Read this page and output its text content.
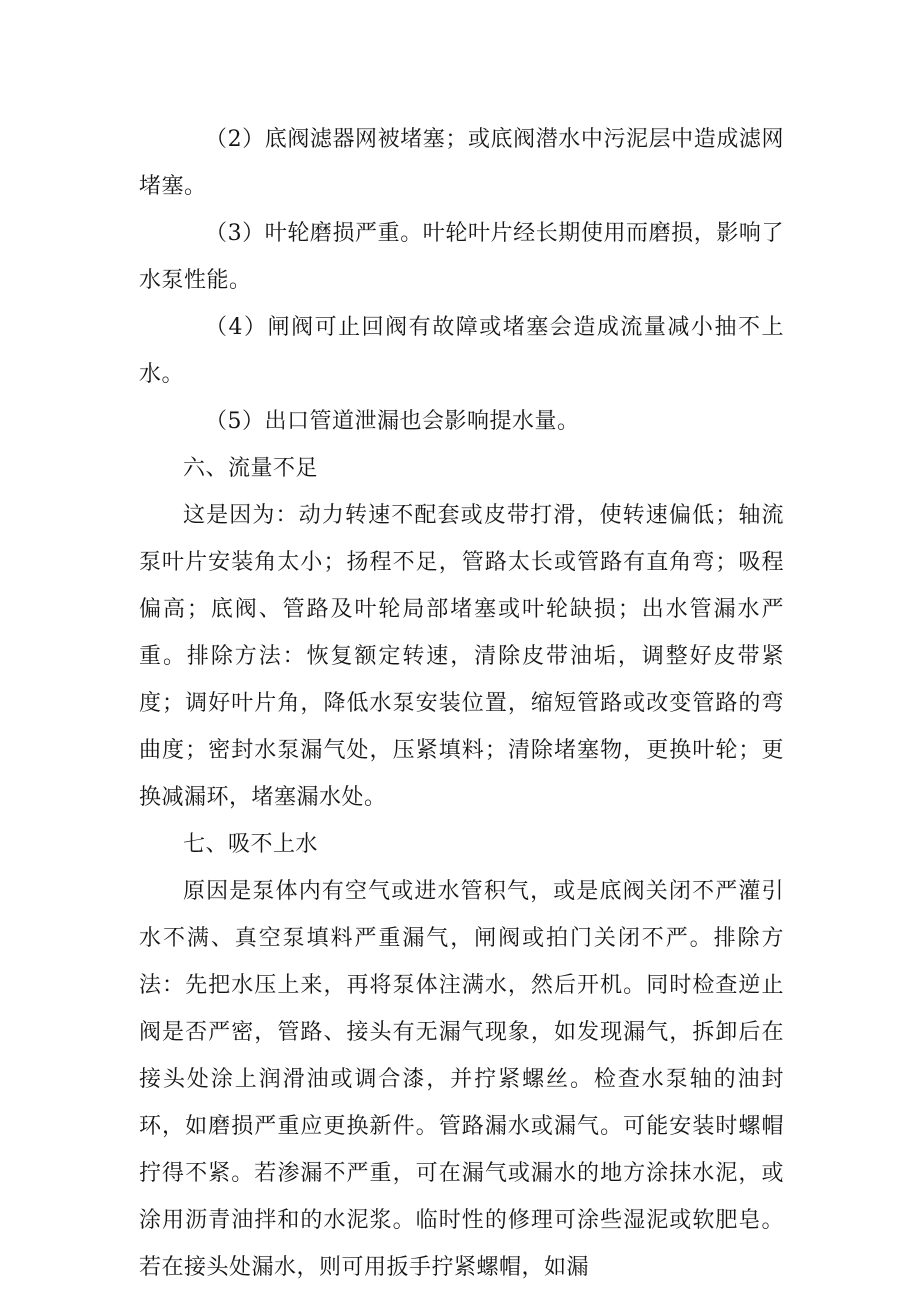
（2）底阀滤器网被堵塞；或底阀潜水中污泥层中造成滤网堵塞。

（3）叶轮磨损严重。叶轮叶片经长期使用而磨损，影响了水泵性能。

（4）闸阀可止回阀有故障或堵塞会造成流量减小抽不上水。

（5）出口管道泄漏也会影响提水量。

六、流量不足

这是因为：动力转速不配套或皮带打滑，使转速偏低；轴流泵叶片安装角太小；扬程不足，管路太长或管路有直角弯；吸程偏高；底阀、管路及叶轮局部堵塞或叶轮缺损；出水管漏水严重。排除方法：恢复额定转速，清除皮带油垢，调整好皮带紧度；调好叶片角，降低水泵安装位置，缩短管路或改变管路的弯曲度；密封水泵漏气处，压紧填料；清除堵塞物，更换叶轮；更换减漏环，堵塞漏水处。

七、吸不上水

原因是泵体内有空气或进水管积气，或是底阀关闭不严灌引水不满、真空泵填料严重漏气，闸阀或拍门关闭不严。排除方法：先把水压上来，再将泵体注满水，然后开机。同时检查逆止阀是否严密，管路、接头有无漏气现象，如发现漏气，拆卸后在接头处涂上润滑油或调合漆，并拧紧螺丝。检查水泵轴的油封环，如磨损严重应更换新件。管路漏水或漏气。可能安装时螺帽拧得不紧。若渗漏不严重，可在漏气或漏水的地方涂抹水泥，或涂用沥青油拌和的水泥浆。临时性的修理可涂些湿泥或软肥皂。若在接头处漏水，则可用扳手拧紧螺帽，如漏
